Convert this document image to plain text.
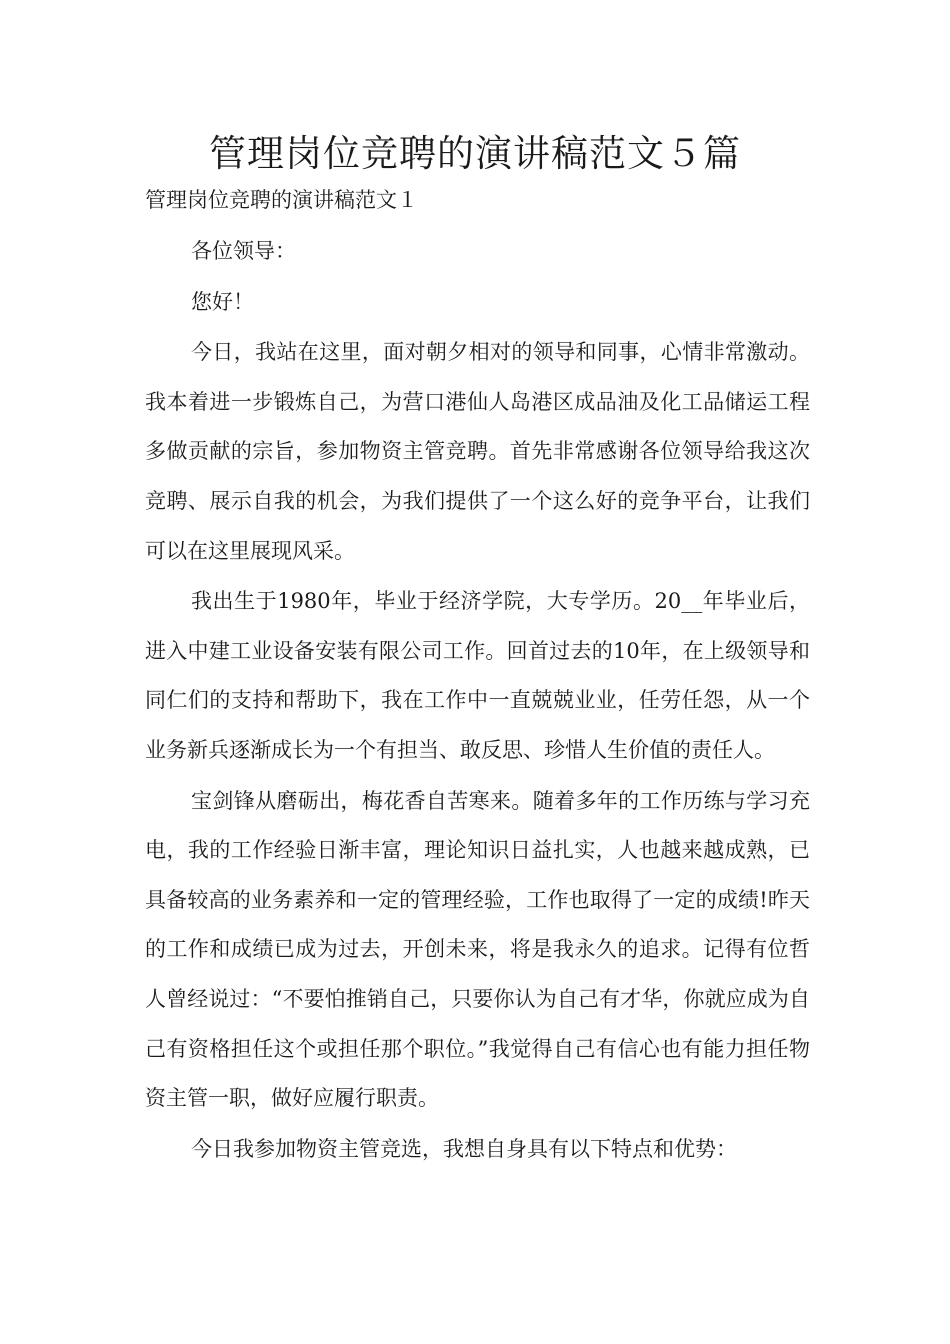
管理岗位竞聘的演讲稿范文５篇
管理岗位竞聘的演讲稿范文１

各位领导：

您好！

今日，我站在这里，面对朝夕相对的领导和同事，心情非常激动。我本着进一步锻炼自己，为营口港仙人岛港区成品油及化工品储运工程多做贡献的宗旨，参加物资主管竞聘。首先非常感谢各位领导给我这次竞聘、展示自我的机会，为我们提供了一个这么好的竞争平台，让我们可以在这里展现风采。

我出生于1980年，毕业于经济学院，大专学历。20__年毕业后，进入中建工业设备安装有限公司工作。回首过去的10年，在上级领导和同仁们的支持和帮助下，我在工作中一直兢兢业业，任劳任怨，从一个业务新兵逐渐成长为一个有担当、敢反思、珍惜人生价值的责任人。

宝剑锋从磨砺出，梅花香自苦寒来。随着多年的工作历练与学习充电，我的工作经验日渐丰富，理论知识日益扎实，人也越来越成熟，已具备较高的业务素养和一定的管理经验，工作也取得了一定的成绩!昨天的工作和成绩已成为过去，开创未来，将是我永久的追求。记得有位哲人曾经说过：“不要怕推销自己，只要你认为自己有才华，你就应成为自己有资格担任这个或担任那个职位。”我觉得自己有信心也有能力担任物资主管一职，做好应履行职责。

今日我参加物资主管竞选，我想自身具有以下特点和优势：
